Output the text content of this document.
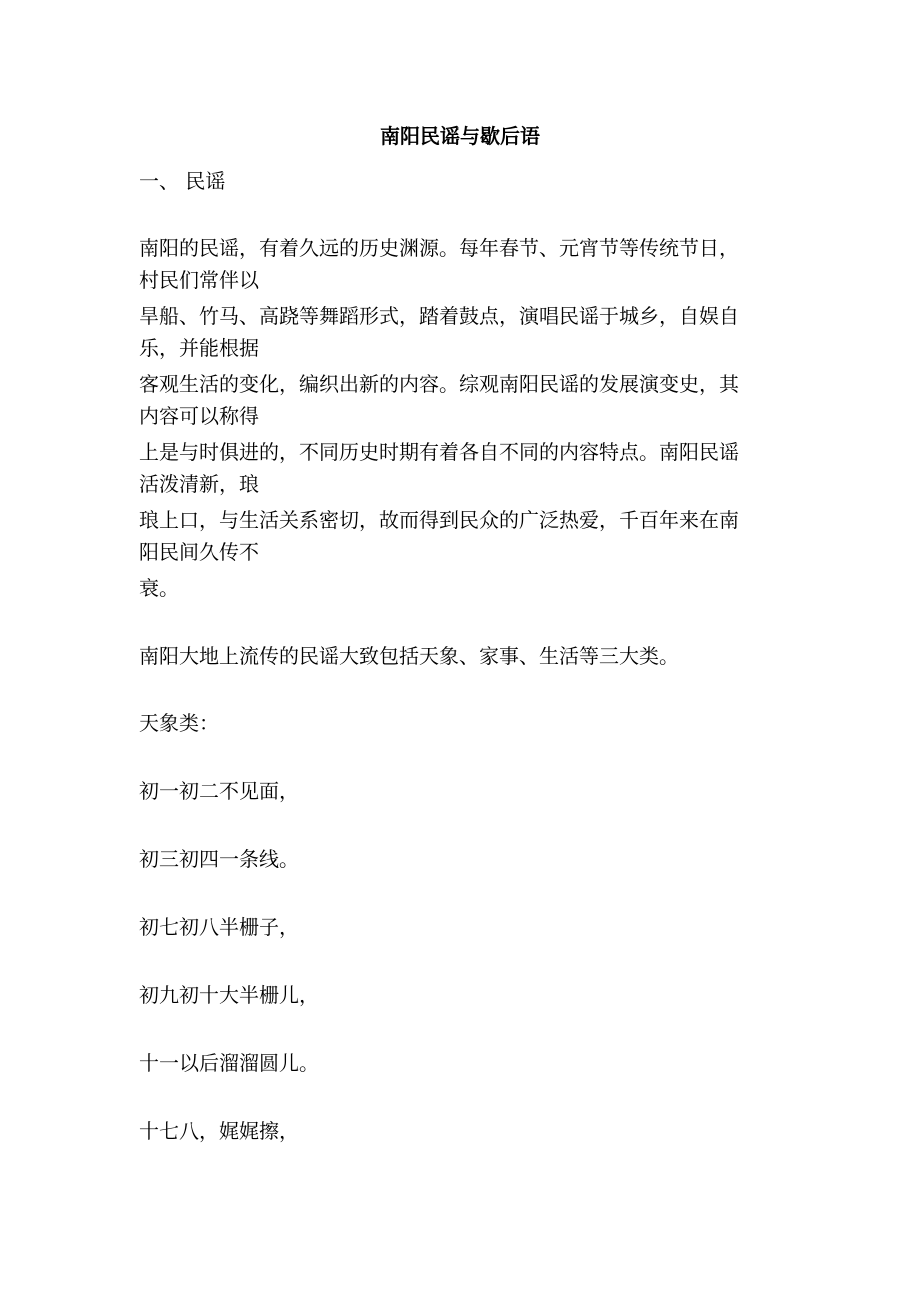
南阳民谣与歇后语

一、 民谣

南阳的民谣，有着久远的历史渊源。每年春节、元宵节等传统节日，

村民们常伴以

旱船、竹马、高跷等舞蹈形式，踏着鼓点，演唱民谣于城乡，自娱自

乐，并能根据

客观生活的变化，编织出新的内容。综观南阳民谣的发展演变史，其

内容可以称得

上是与时俱进的，不同历史时期有着各自不同的内容特点。南阳民谣

活泼清新，琅

琅上口，与生活关系密切，故而得到民众的广泛热爱，千百年来在南

阳民间久传不

衰。

南阳大地上流传的民谣大致包括天象、家事、生活等三大类。

天象类：

初一初二不见面，

初三初四一条线。

初七初八半栅子，

初九初十大半栅儿，

十一以后溜溜圆儿。

十七八，娓娓擦，
